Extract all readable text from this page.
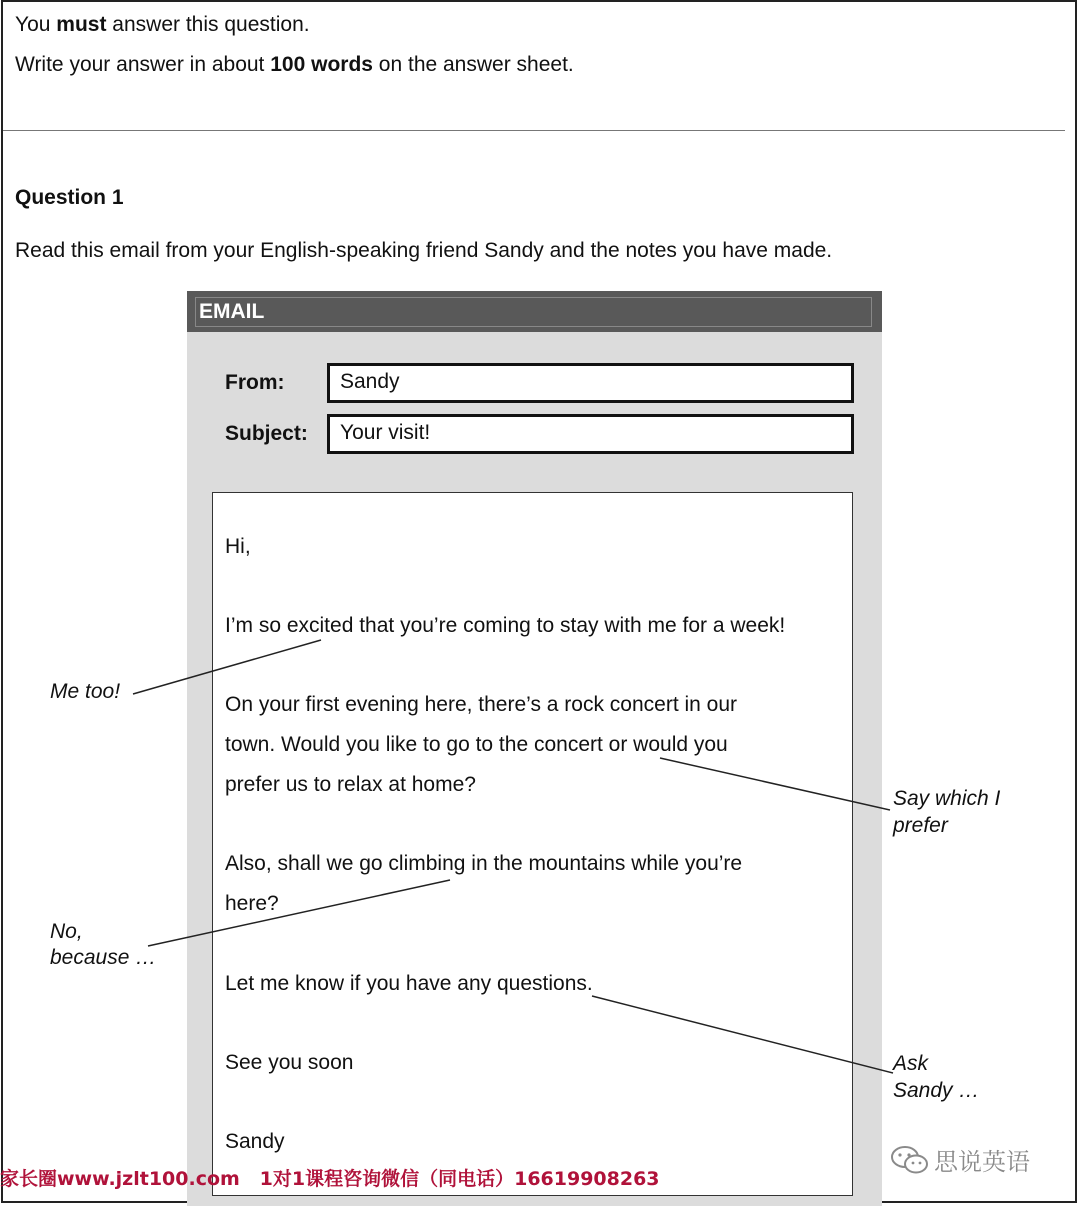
You must answer this question.
Write your answer in about 100 words on the answer sheet.
Question 1
Read this email from your English-speaking friend Sandy and the notes you have made.
EMAIL
From:	Sandy
Subject:	Your visit!
Hi,
I’m so excited that you’re coming to stay with me for a week!
On your first evening here, there’s a rock concert in our
town. Would you like to go to the concert or would you
prefer us to relax at home?
Also, shall we go climbing in the mountains while you’re
here?
Let me know if you have any questions.
See you soon
Sandy
Me too!
Say which I
prefer
No,
because …
Ask
Sandy …
家长圈www.jzlt100.com   1对1课程咨询微信（同电话）16619908263
思说英语
